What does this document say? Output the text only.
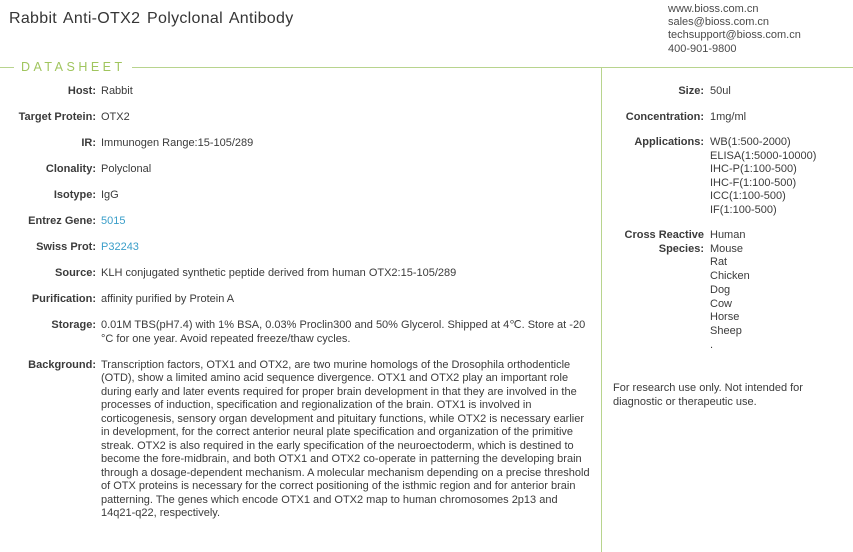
Rabbit Anti-OTX2 Polyclonal Antibody
www.bioss.com.cn
sales@bioss.com.cn
techsupport@bioss.com.cn
400-901-9800
DATASHEET
Host: Rabbit
Target Protein: OTX2
IR: Immunogen Range:15-105/289
Clonality: Polyclonal
Isotype: IgG
Entrez Gene: 5015
Swiss Prot: P32243
Source: KLH conjugated synthetic peptide derived from human OTX2:15-105/289
Purification: affinity purified by Protein A
Storage: 0.01M TBS(pH7.4) with 1% BSA, 0.03% Proclin300 and 50% Glycerol. Shipped at 4℃. Store at -20 °C for one year. Avoid repeated freeze/thaw cycles.
Background: Transcription factors, OTX1 and OTX2, are two murine homologs of the Drosophila orthodenticle (OTD), show a limited amino acid sequence divergence. OTX1 and OTX2 play an important role during early and later events required for proper brain development in that they are involved in the processes of induction, specification and regionalization of the brain. OTX1 is involved in corticogenesis, sensory organ development and pituitary functions, while OTX2 is necessary earlier in development, for the correct anterior neural plate specification and organization of the primitive streak. OTX2 is also required in the early specification of the neuroectoderm, which is destined to become the fore-midbrain, and both OTX1 and OTX2 co-operate in patterning the developing brain through a dosage-dependent mechanism. A molecular mechanism depending on a precise threshold of OTX proteins is necessary for the correct positioning of the isthmic region and for anterior brain patterning. The genes which encode OTX1 and OTX2 map to human chromosomes 2p13 and 14q21-q22, respectively.
Size: 50ul
Concentration: 1mg/ml
Applications: WB(1:500-2000)
ELISA(1:5000-10000)
IHC-P(1:100-500)
IHC-F(1:100-500)
ICC(1:100-500)
IF(1:100-500)
Cross Reactive
Species:
Human
Mouse
Rat
Chicken
Dog
Cow
Horse
Sheep
.
For research use only. Not intended for diagnostic or therapeutic use.
